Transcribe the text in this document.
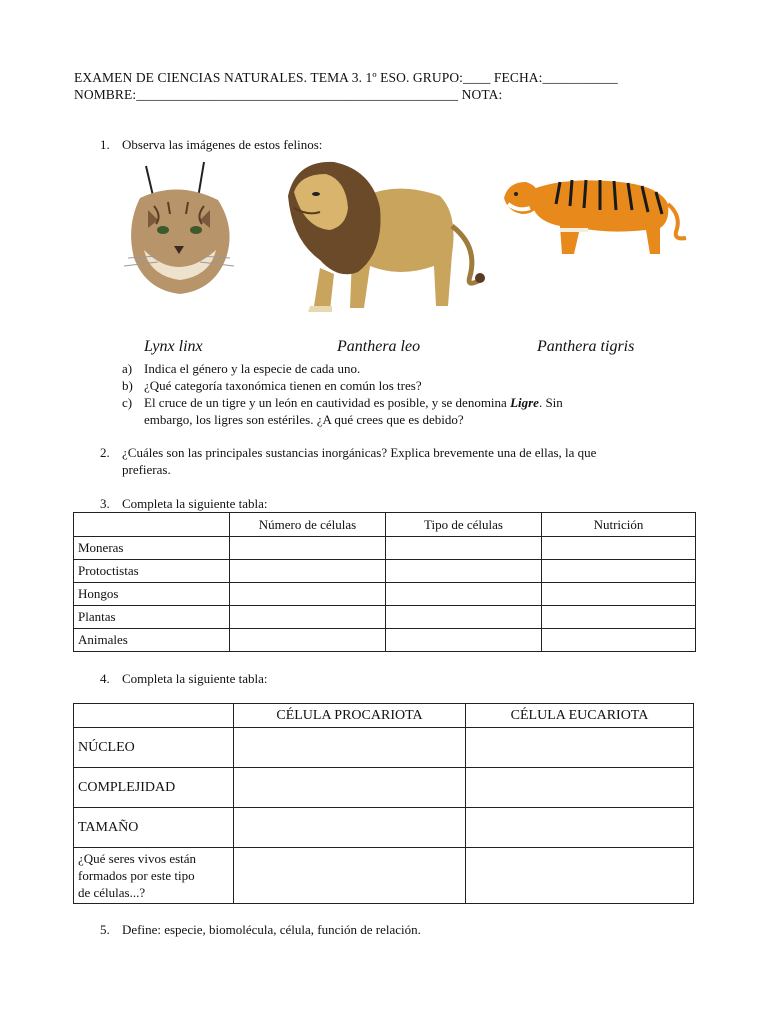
EXAMEN DE CIENCIAS NATURALES. TEMA 3. 1º ESO. GRUPO:____ FECHA:___________
NOMBRE:_______________________________________________ NOTA:
1. Observa las imágenes de estos felinos:
Lynx linx	Panthera leo	Panthera tigris
a) Indica el género y la especie de cada uno.
b) ¿Qué categoría taxonómica tienen en común los tres?
c) El cruce de un tigre y un león en cautividad es posible, y se denomina Ligre. Sin
embargo, los ligres son estériles. ¿A qué crees que es debido?
2. ¿Cuáles son las principales sustancias inorgánicas? Explica brevemente una de ellas, la que
prefieras.
3. Completa la siguiente tabla:
	Número de células	Tipo de células	Nutrición
Moneras			
Protoctistas			
Hongos			
Plantas			
Animales			
4. Completa la siguiente tabla:
	CÉLULA PROCARIOTA	CÉLULA EUCARIOTA
NÚCLEO		
COMPLEJIDAD		
TAMAÑO		

¿Qué seres vivos están
formados por este tipo
de células...?		

5. Define: especie, biomolécula, célula, función de relación.
